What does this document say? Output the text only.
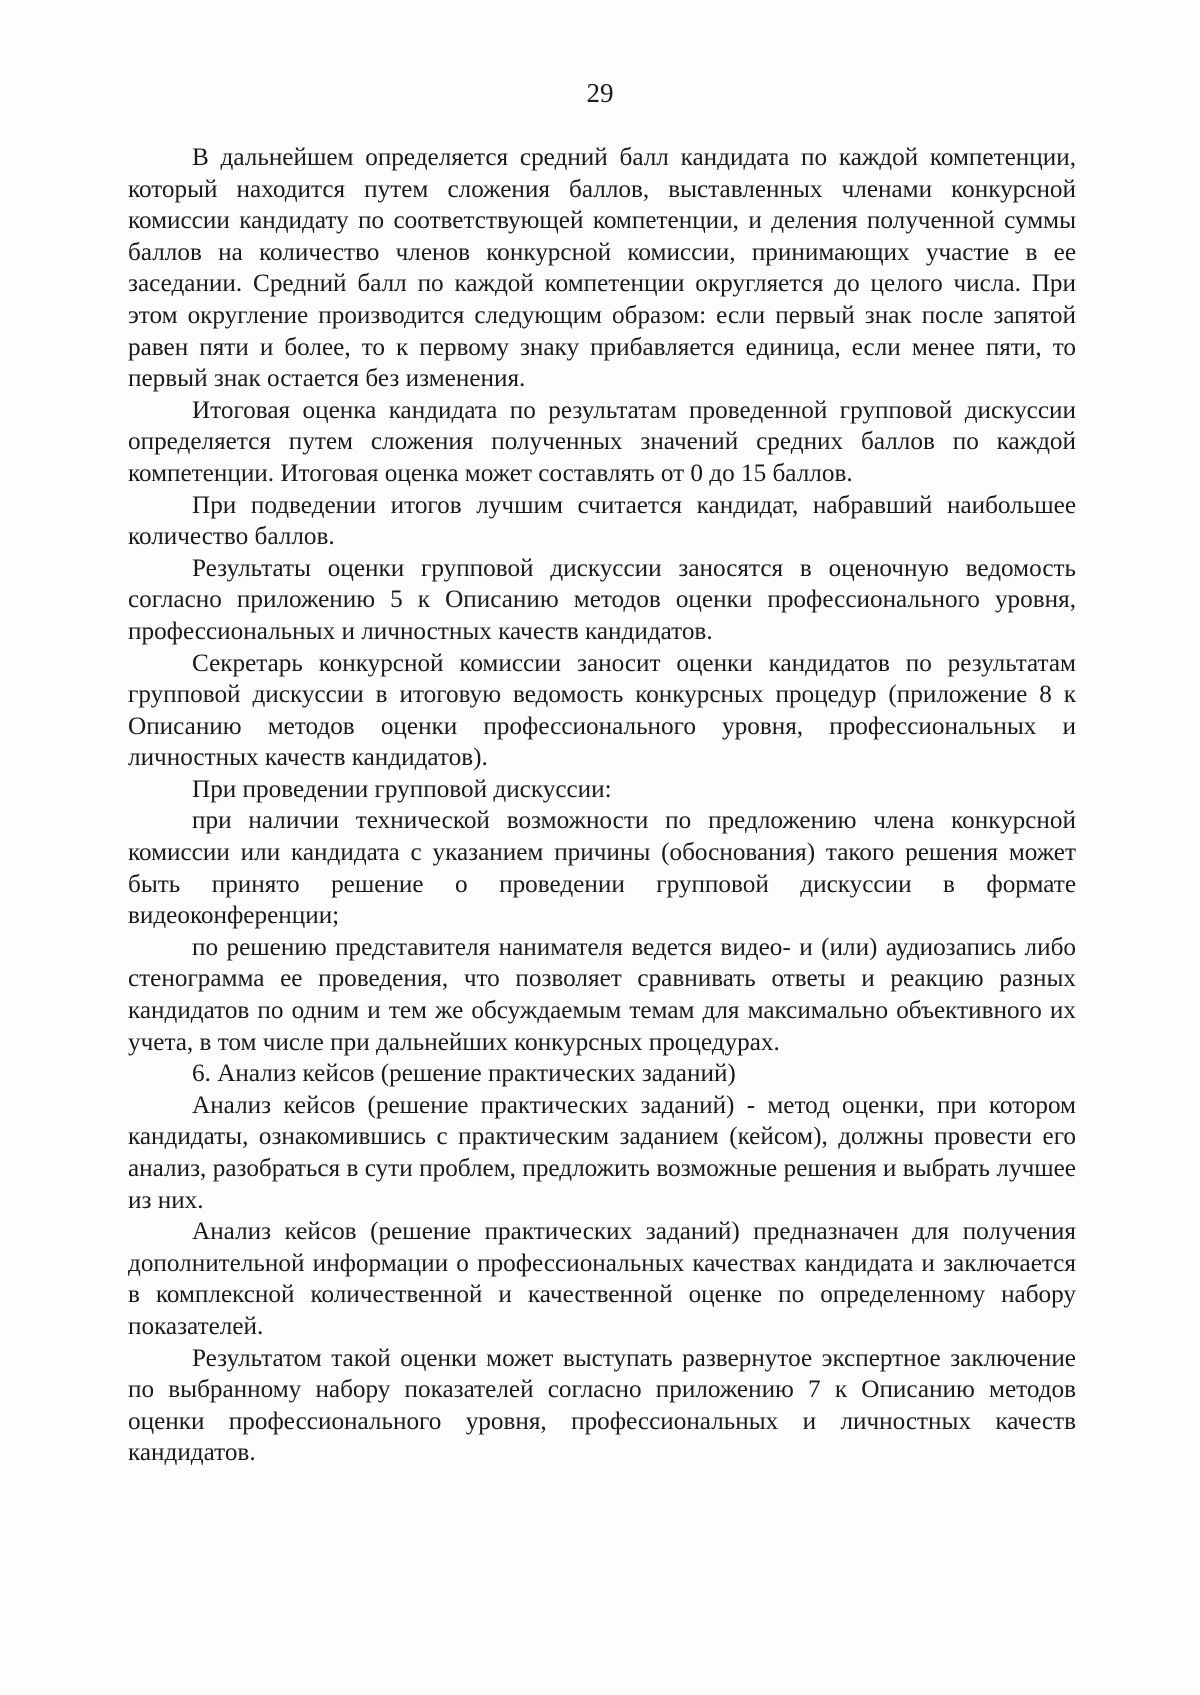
29

В дальнейшем определяется средний балл кандидата по каждой компетенции, который находится путем сложения баллов, выставленных членами конкурсной комиссии кандидату по соответствующей компетенции, и деления полученной суммы баллов на количество членов конкурсной комиссии, принимающих участие в ее заседании. Средний балл по каждой компетенции округляется до целого числа. При этом округление производится следующим образом: если первый знак после запятой равен пяти и более, то к первому знаку прибавляется единица, если менее пяти, то первый знак остается без изменения.

Итоговая оценка кандидата по результатам проведенной групповой дискуссии определяется путем сложения полученных значений средних баллов по каждой компетенции. Итоговая оценка может составлять от 0 до 15 баллов.

При подведении итогов лучшим считается кандидат, набравший наибольшее количество баллов.

Результаты оценки групповой дискуссии заносятся в оценочную ведомость согласно приложению 5 к Описанию методов оценки профессионального уровня, профессиональных и личностных качеств кандидатов.

Секретарь конкурсной комиссии заносит оценки кандидатов по результатам групповой дискуссии в итоговую ведомость конкурсных процедур (приложение 8 к Описанию методов оценки профессионального уровня, профессиональных и личностных качеств кандидатов).

При проведении групповой дискуссии:

при наличии технической возможности по предложению члена конкурсной комиссии или кандидата с указанием причины (обоснования) такого решения может быть принято решение о проведении групповой дискуссии в формате видеоконференции;

по решению представителя нанимателя ведется видео- и (или) аудиозапись либо стенограмма ее проведения, что позволяет сравнивать ответы и реакцию разных кандидатов по одним и тем же обсуждаемым темам для максимально объективного их учета, в том числе при дальнейших конкурсных процедурах.

6. Анализ кейсов (решение практических заданий)

Анализ кейсов (решение практических заданий) - метод оценки, при котором кандидаты, ознакомившись с практическим заданием (кейсом), должны провести его анализ, разобраться в сути проблем, предложить возможные решения и выбрать лучшее из них.

Анализ кейсов (решение практических заданий) предназначен для получения дополнительной информации о профессиональных качествах кандидата и заключается в комплексной количественной и качественной оценке по определенному набору показателей.

Результатом такой оценки может выступать развернутое экспертное заключение по выбранному набору показателей согласно приложению 7 к Описанию методов оценки профессионального уровня, профессиональных и личностных качеств кандидатов.
